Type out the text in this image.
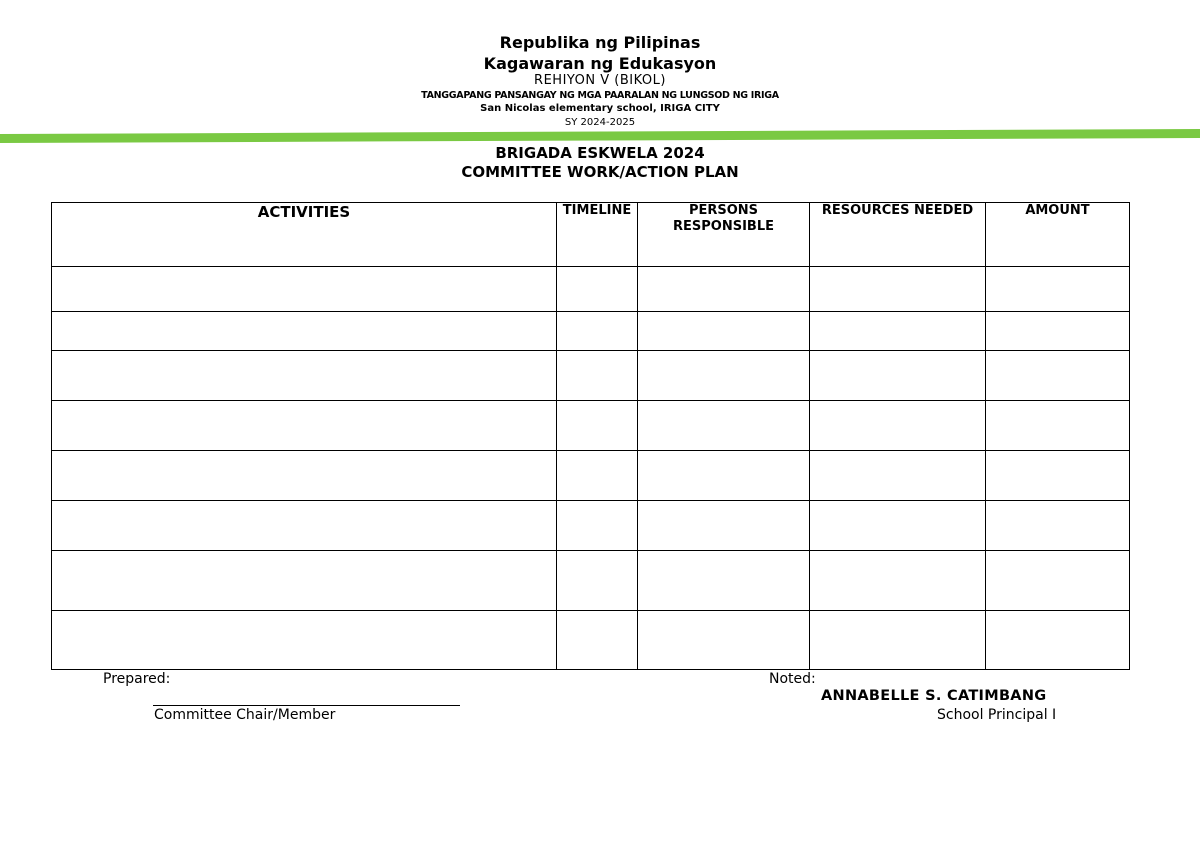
Republika ng Pilipinas
Kagawaran ng Edukasyon
REHIYON V (BIKOL)
TANGGAPANG PANSANGAY NG MGA PAARALAN NG LUNGSOD NG IRIGA
San Nicolas elementary school, IRIGA CITY
SY 2024-2025
BRIGADA ESKWELA 2024
COMMITTEE WORK/ACTION PLAN
ACTIVITIES	TIMELINE	PERSONS RESPONSIBLE	RESOURCES NEEDED	AMOUNT

Prepared:
Committee Chair/Member
Noted:
ANNABELLE S. CATIMBANG
School Principal I
